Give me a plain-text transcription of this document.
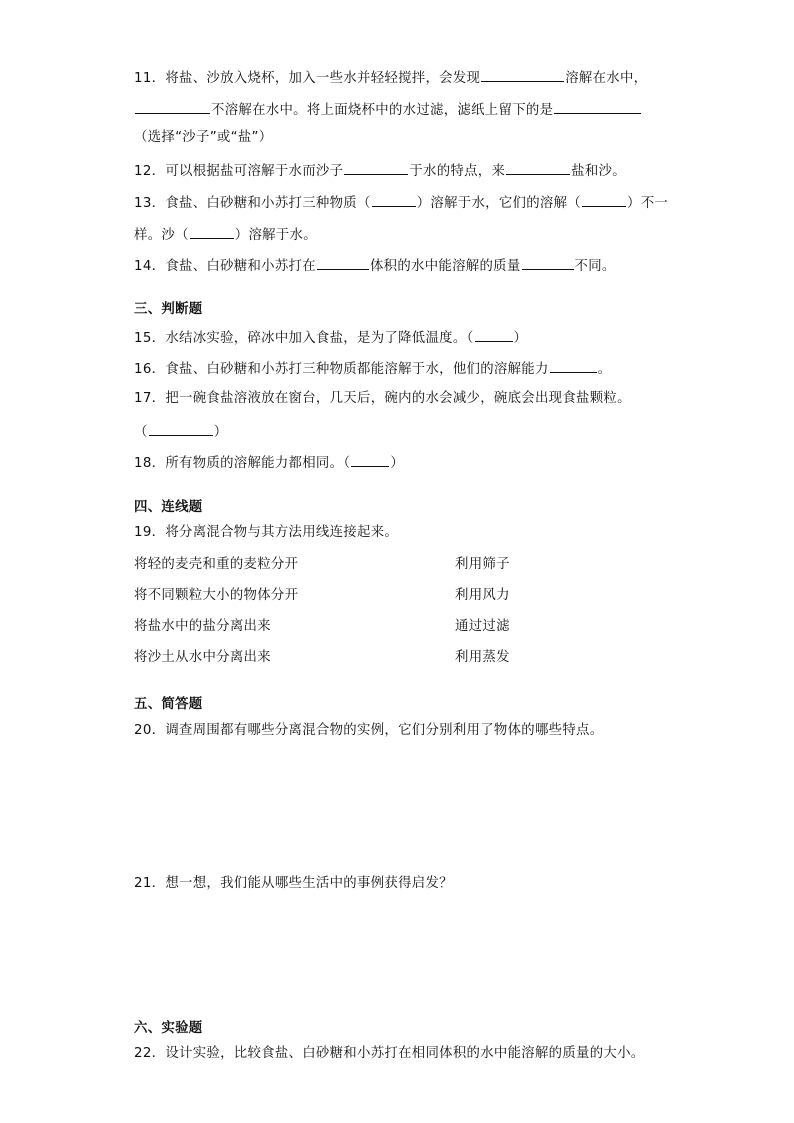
11．将盐、沙放入烧杯，加入一些水并轻轻搅拌，会发现	溶解在水中，
不溶解在水中。将上面烧杯中的水过滤，滤纸上留下的是
（选择“沙子”或“盐”）
12．可以根据盐可溶解于水而沙子	于水的特点，来	盐和沙。
13．食盐、白砂糖和小苏打三种物质（	）溶解于水，它们的溶解（	）不一
样。沙（	）溶解于水。
14．食盐、白砂糖和小苏打在	体积的水中能溶解的质量	不同。
三、判断题
15．水结冰实验，碎冰中加入食盐，是为了降低温度。（	）
16．食盐、白砂糖和小苏打三种物质都能溶解于水，他们的溶解能力	。
17．把一碗食盐溶液放在窗台，几天后，碗内的水会减少，碗底会出现食盐颗粒。
（	）
18．所有物质的溶解能力都相同。（	）
四、连线题
19．将分离混合物与其方法用线连接起来。
将轻的麦壳和重的麦粒分开	利用筛子
将不同颗粒大小的物体分开	利用风力
将盐水中的盐分离出来	通过过滤
将沙土从水中分离出来	利用蒸发
五、简答题
20．调查周围都有哪些分离混合物的实例，它们分别利用了物体的哪些特点。
21．想一想，我们能从哪些生活中的事例获得启发？
六、实验题
22．设计实验，比较食盐、白砂糖和小苏打在相同体积的水中能溶解的质量的大小。
